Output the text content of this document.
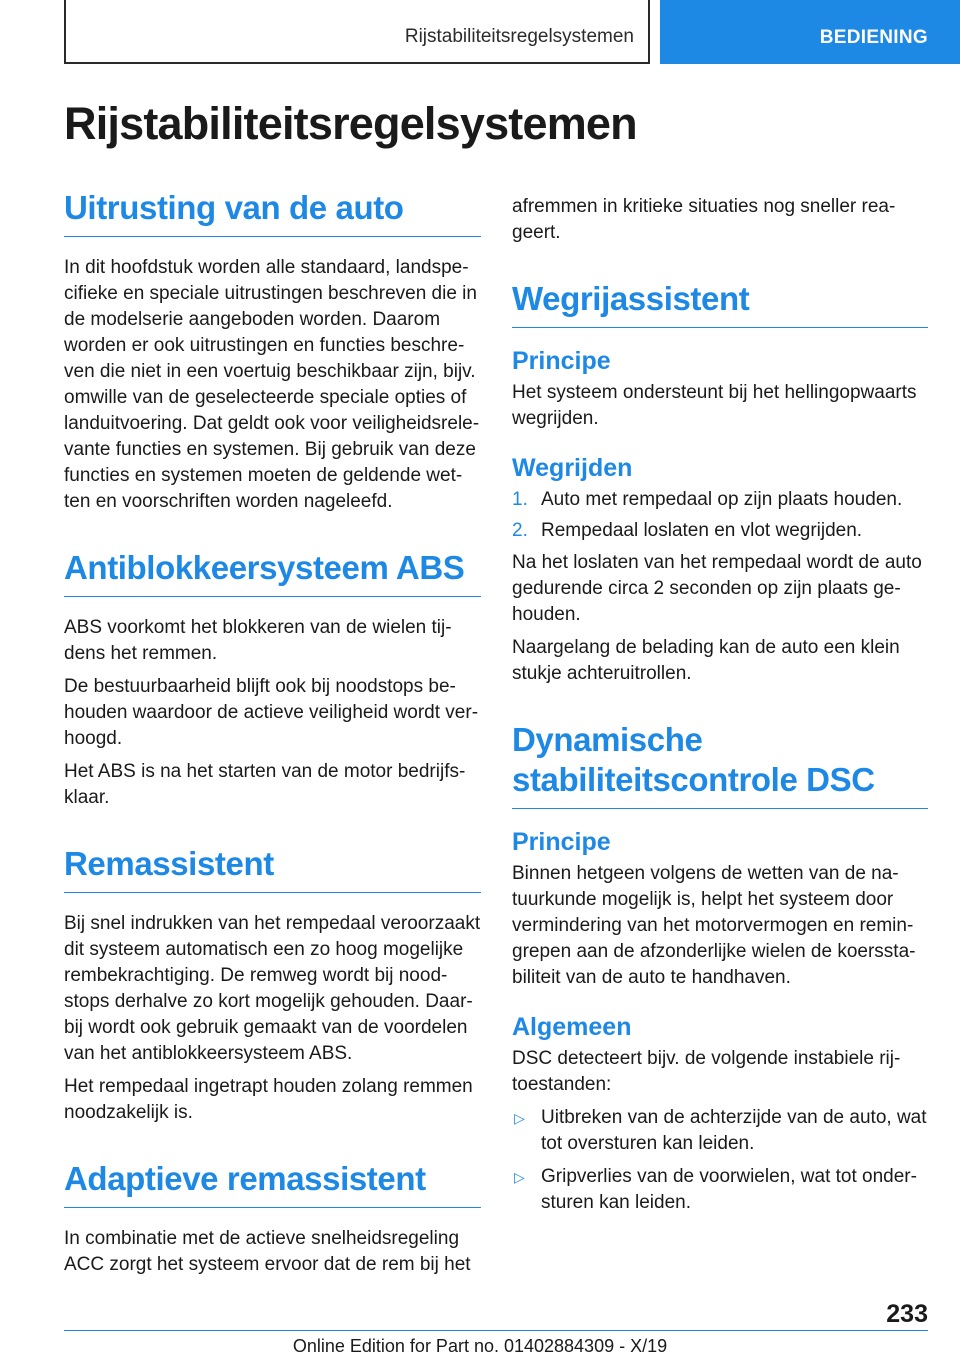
Rijstabiliteitsregelsystemen	BEDIENING
Rijstabiliteitsregelsystemen
Uitrusting van de auto

In dit hoofdstuk worden alle standaard, landspecifieke en speciale uitrustingen beschreven die in de modelserie aangeboden worden. Daarom worden er ook uitrustingen en functies beschreven die niet in een voertuig beschikbaar zijn, bijv. omwille van de geselecteerde speciale opties of landuitvoering. Dat geldt ook voor veiligheidsrelevante functies en systemen. Bij gebruik van deze functies en systemen moeten de geldende wetten en voorschriften worden nageleefd.

Antiblokkeersysteem ABS

ABS voorkomt het blokkeren van de wielen tijdens het remmen.

De bestuurbaarheid blijft ook bij noodstops behouden waardoor de actieve veiligheid wordt verhoogd.

Het ABS is na het starten van de motor bedrijfsklaar.

Remassistent

Bij snel indrukken van het rempedaal veroorzaakt dit systeem automatisch een zo hoog mogelijke rembekrachtiging. De remweg wordt bij noodstops derhalve zo kort mogelijk gehouden. Daarbij wordt ook gebruik gemaakt van de voordelen van het antiblokkeersysteem ABS.

Het rempedaal ingetrapt houden zolang remmen noodzakelijk is.

Adaptieve remassistent

In combinatie met de actieve snelheidsregeling ACC zorgt het systeem ervoor dat de rem bij het

afremmen in kritieke situaties nog sneller reageert.

Wegrijassistent
Principe

Het systeem ondersteunt bij het hellingopwaarts wegrijden.

Wegrijden
1. Auto met rempedaal op zijn plaats houden.
2. Rempedaal loslaten en vlot wegrijden.

Na het loslaten van het rempedaal wordt de auto gedurende circa 2 seconden op zijn plaats gehouden.

Naargelang de belading kan de auto een klein stukje achteruitrollen.

Dynamische stabiliteitscontrole DSC
Principe

Binnen hetgeen volgens de wetten van de natuurkunde mogelijk is, helpt het systeem door vermindering van het motorvermogen en remingrepen aan de afzonderlijke wielen de koersstabiliteit van de auto te handhaven.

Algemeen

DSC detecteert bijv. de volgende instabiele rijtoestanden:

▷ Uitbreken van de achterzijde van de auto, wat tot oversturen kan leiden.
▷ Gripverlies van de voorwielen, wat tot ondersturen kan leiden.
233
Online Edition for Part no. 01402884309 - X/19
